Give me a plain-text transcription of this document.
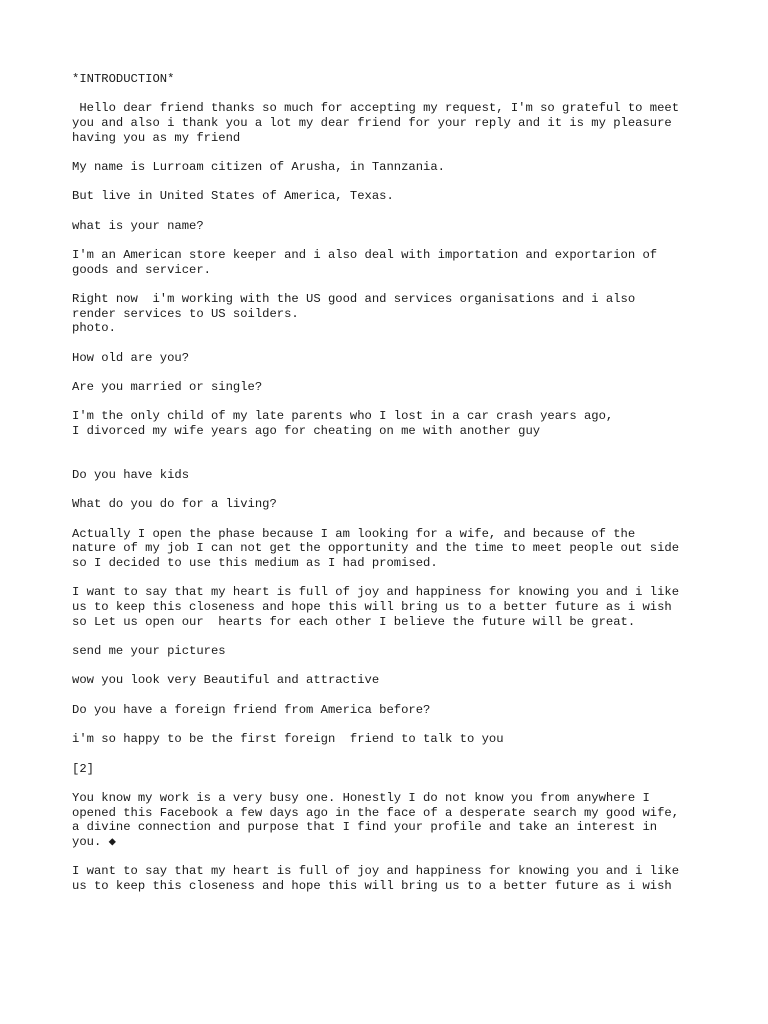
*INTRODUCTION*

Hello dear friend thanks so much for accepting my request, I'm so grateful to meet
you and also i thank you a lot my dear friend for your reply and it is my pleasure
having you as my friend

My name is Lurroam citizen of Arusha, in Tannzania.

But live in United States of America, Texas.

what is your name?

I'm an American store keeper and i also deal with importation and exportarion of
goods and servicer.

Right now  i'm working with the US good and services organisations and i also
render services to US soilders.
photo.

How old are you?

Are you married or single?

I'm the only child of my late parents who I lost in a car crash years ago,
I divorced my wife years ago for cheating on me with another guy

Do you have kids

What do you do for a living?

Actually I open the phase because I am looking for a wife, and because of the
nature of my job I can not get the opportunity and the time to meet people out side
so I decided to use this medium as I had promised.

I want to say that my heart is full of joy and happiness for knowing you and i like
us to keep this closeness and hope this will bring us to a better future as i wish
so Let us open our  hearts for each other I believe the future will be great.

send me your pictures

wow you look very Beautiful and attractive

Do you have a foreign friend from America before?

i'm so happy to be the first foreign  friend to talk to you

[2]

You know my work is a very busy one. Honestly I do not know you from anywhere I
opened this Facebook a few days ago in the face of a desperate search my good wife,
a divine connection and purpose that I find your profile and take an interest in
you. ◆

I want to say that my heart is full of joy and happiness for knowing you and i like
us to keep this closeness and hope this will bring us to a better future as i wish
